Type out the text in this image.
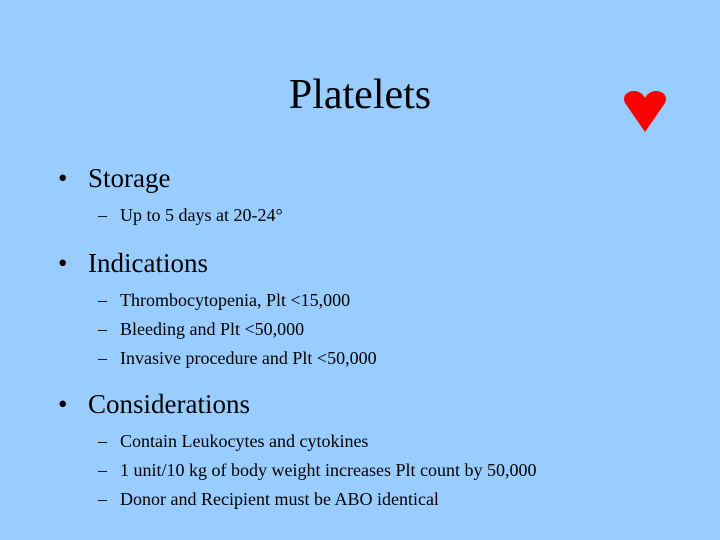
Platelets
• Storage
– Up to 5 days at 20-24°
• Indications
– Thrombocytopenia, Plt <15,000
– Bleeding and Plt <50,000
– Invasive procedure and Plt <50,000
• Considerations
– Contain Leukocytes and cytokines
– 1 unit/10 kg of body weight increases Plt count by 50,000
– Donor and Recipient must be ABO identical
